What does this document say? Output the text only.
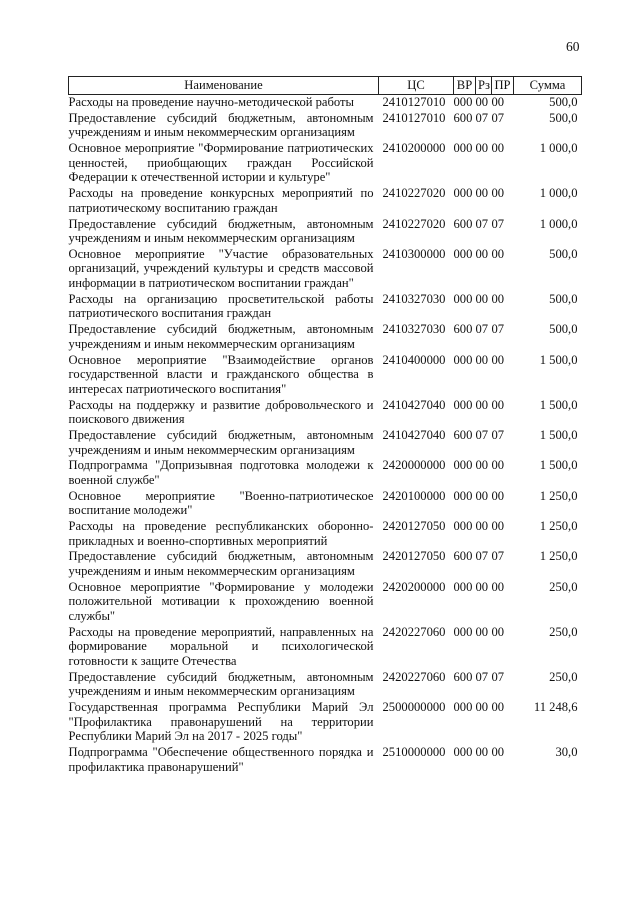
60
Наименование	ЦС	ВР	Рз	ПР	Сумма
Расходы на проведение научно-методической работы	2410127010	000	00	00	500,0
Предоставление субсидий бюджетным, автономным учреждениям и иным некоммерческим организациям	2410127010	600	07	07	500,0
Основное мероприятие "Формирование патриотических ценностей, приобщающих граждан Российской Федерации к отечественной истории и культуре"	2410200000	000	00	00	1 000,0
Расходы на проведение конкурсных мероприятий по патриотическому воспитанию граждан	2410227020	000	00	00	1 000,0
Предоставление субсидий бюджетным, автономным учреждениям и иным некоммерческим организациям	2410227020	600	07	07	1 000,0
Основное мероприятие "Участие образовательных организаций, учреждений культуры и средств массовой информации в патриотическом воспитании граждан"	2410300000	000	00	00	500,0
Расходы на организацию просветительской работы патриотического воспитания граждан	2410327030	000	00	00	500,0
Предоставление субсидий бюджетным, автономным учреждениям и иным некоммерческим организациям	2410327030	600	07	07	500,0
Основное мероприятие "Взаимодействие органов государственной власти и гражданского общества в интересах патриотического воспитания"	2410400000	000	00	00	1 500,0
Расходы на поддержку и развитие добровольческого и поискового движения	2410427040	000	00	00	1 500,0
Предоставление субсидий бюджетным, автономным учреждениям и иным некоммерческим организациям	2410427040	600	07	07	1 500,0
Подпрограмма "Допризывная подготовка молодежи к военной службе"	2420000000	000	00	00	1 500,0
Основное мероприятие "Военно-патриотическое воспитание молодежи"	2420100000	000	00	00	1 250,0
Расходы на проведение республиканских оборонно-прикладных и военно-спортивных мероприятий	2420127050	000	00	00	1 250,0
Предоставление субсидий бюджетным, автономным учреждениям и иным некоммерческим организациям	2420127050	600	07	07	1 250,0
Основное мероприятие "Формирование у молодежи положительной мотивации к прохождению военной службы"	2420200000	000	00	00	250,0
Расходы на проведение мероприятий, направленных на формирование моральной и психологической готовности к защите Отечества	2420227060	000	00	00	250,0
Предоставление субсидий бюджетным, автономным учреждениям и иным некоммерческим организациям	2420227060	600	07	07	250,0
Государственная программа Республики Марий Эл "Профилактика правонарушений на территории Республики Марий Эл на 2017 - 2025 годы"	2500000000	000	00	00	11 248,6
Подпрограмма "Обеспечение общественного порядка и профилактика правонарушений"	2510000000	000	00	00	30,0
